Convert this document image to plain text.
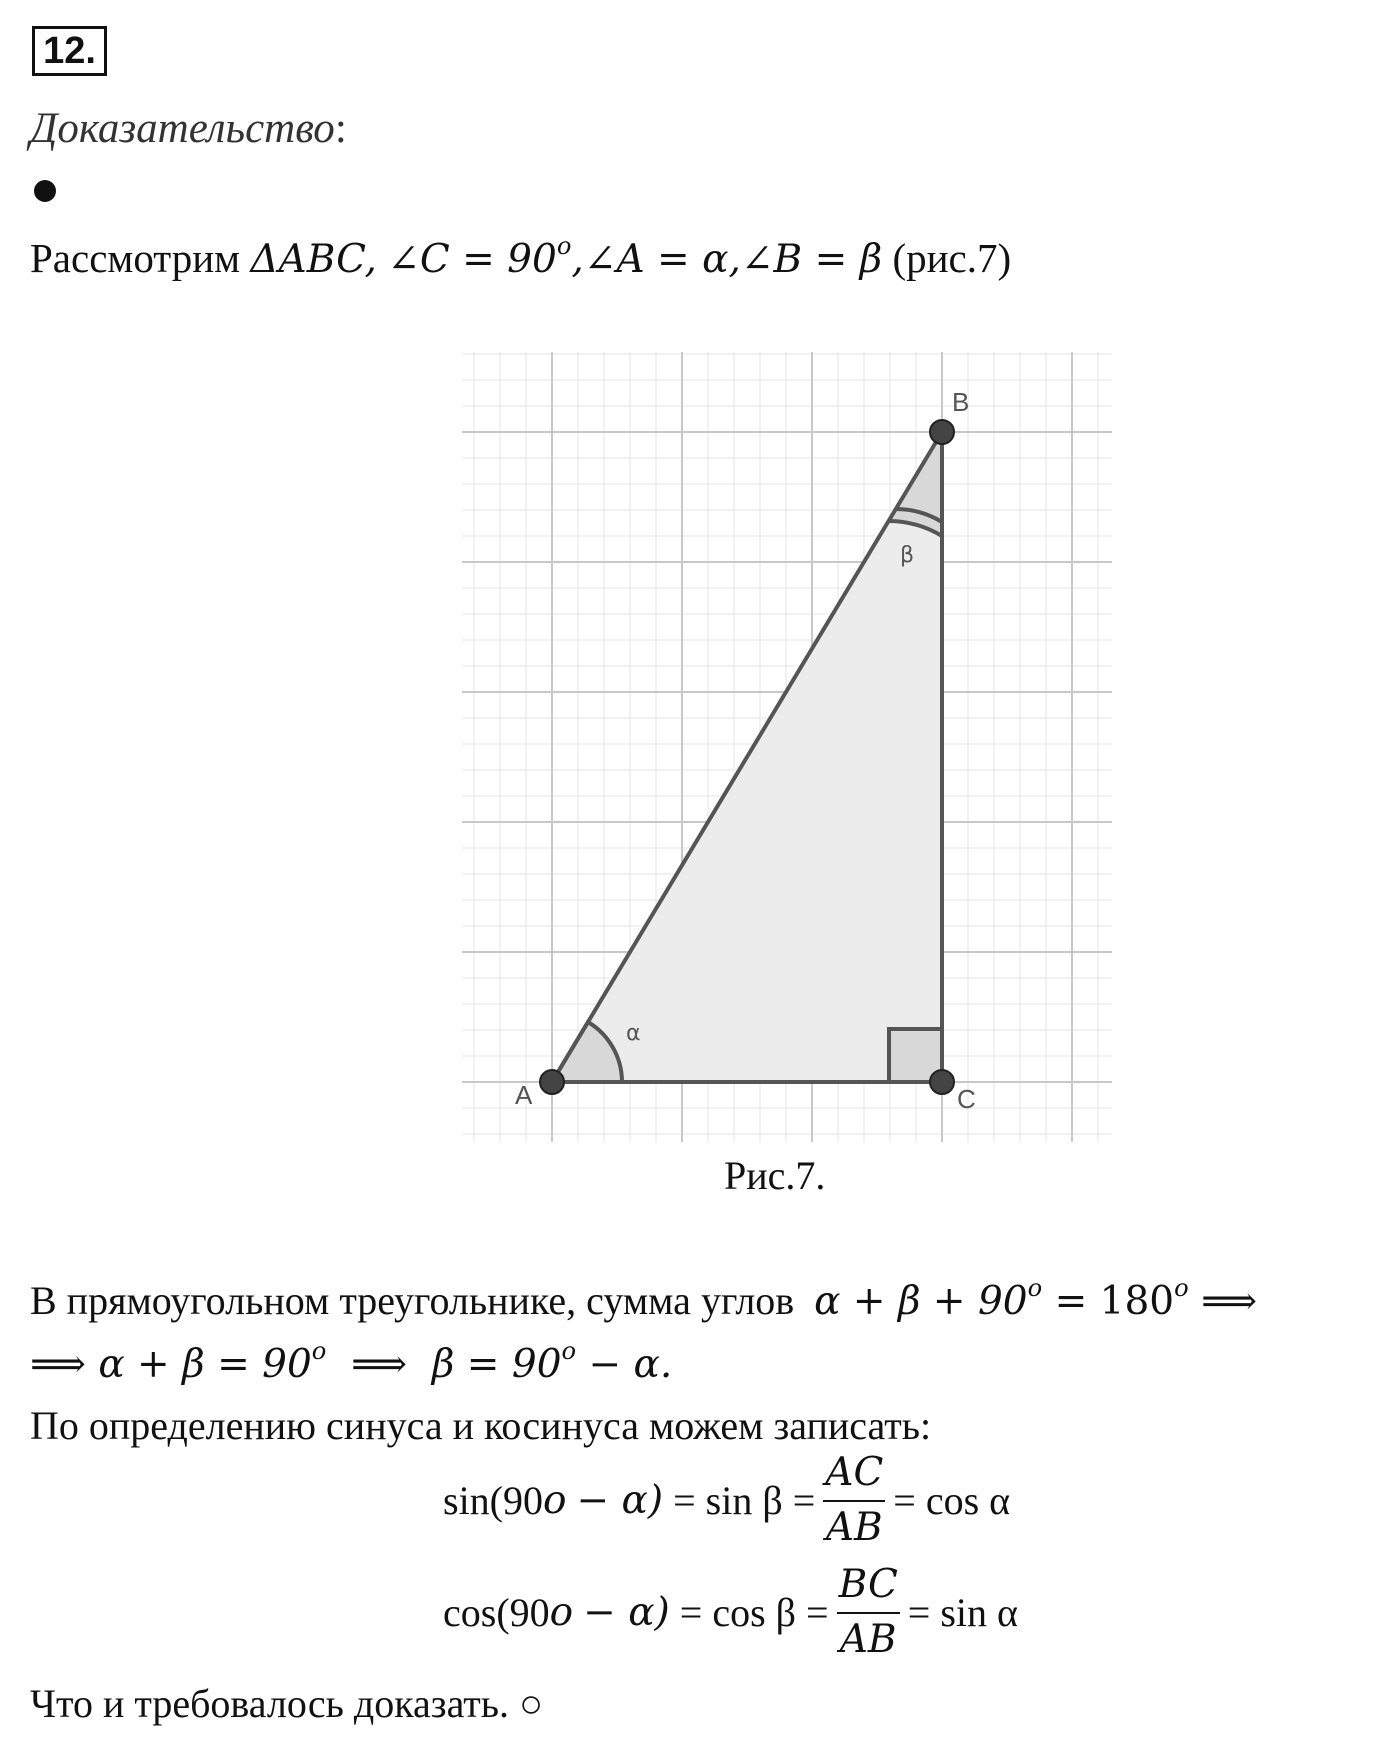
12.
Доказательство:
Рассмотрим ΔABC, ∠C = $90^o,\angle A$ = α,∠B = β (рис.7)
A
B
C
α
β
Рис.7.
В прямоугольном треугольнике, сумма углов $\alpha + \beta + 90^o = 180^o$ ⟹
⟹ $\alpha + \beta = 90^o$ ⟹ $\beta = 90^o - \alpha$.
По определению синуса и косинуса можем записать:
sin(90 o
− α)
= $\sin \beta = \frac{AC}{AB} = \cos \alpha$
cos(90 o
− α)
= $\cos \beta = \frac{BC}{AB} = \sin \alpha$
Что и требовалось доказать. ○
